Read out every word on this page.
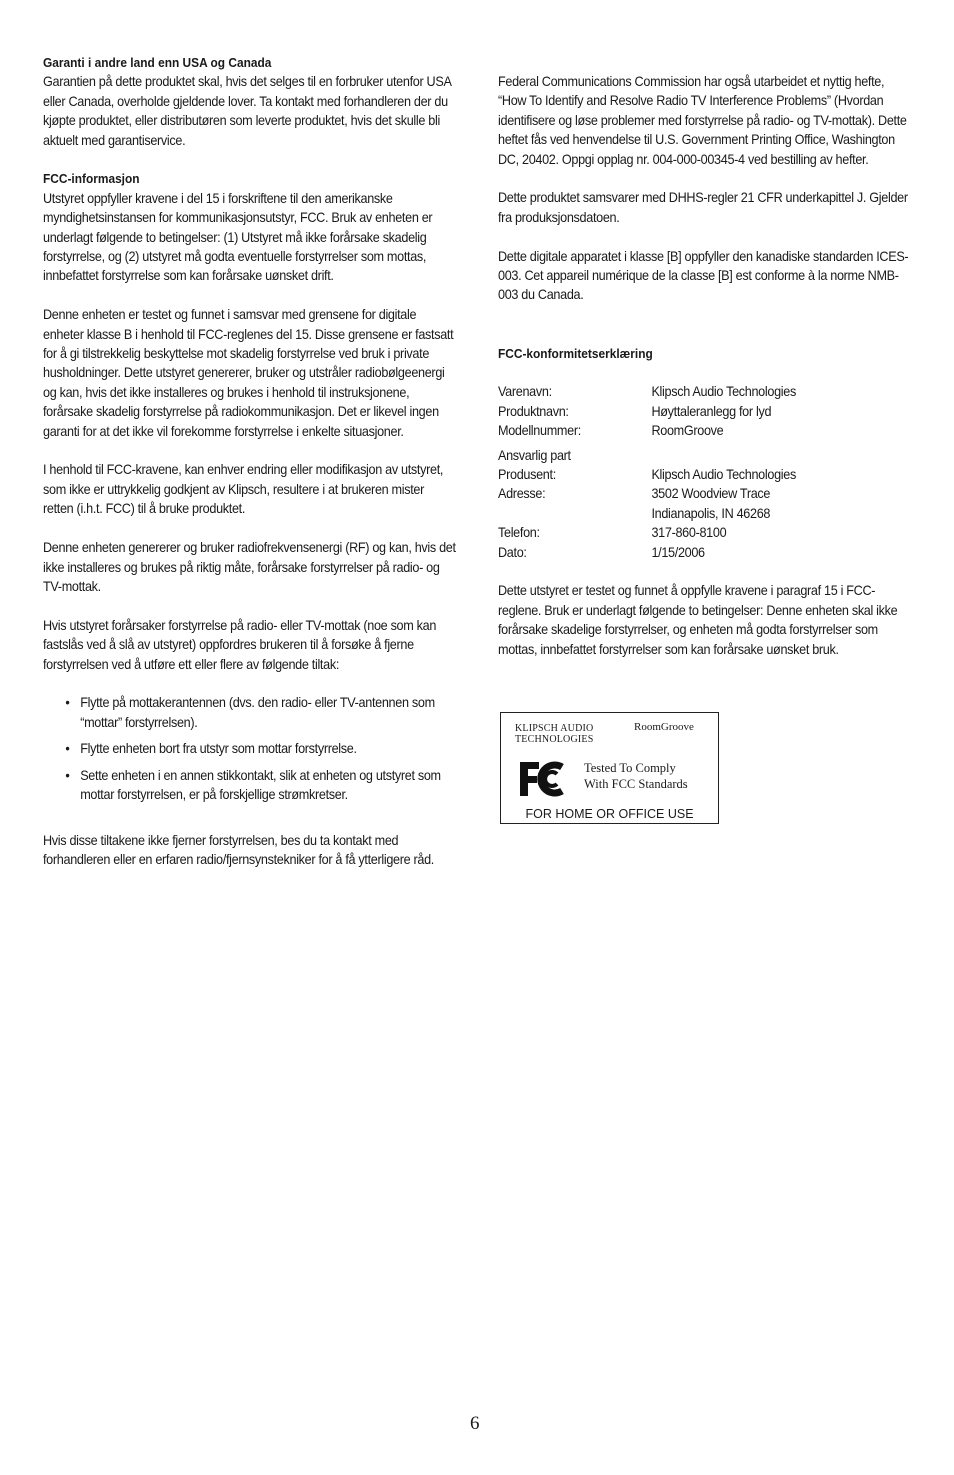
Garanti i andre land enn USA og Canada

Garantien på dette produktet skal, hvis det selges til en forbruker utenfor USA eller Canada, overholde gjeldende lover. Ta kontakt med forhandleren der du kjøpte produktet, eller distributøren som leverte produktet, hvis det skulle bli aktuelt med garantiservice.

FCC-informasjon

Utstyret oppfyller kravene i del 15 i forskriftene til den amerikanske myndighetsinstansen for kommunikasjonsutstyr, FCC. Bruk av enheten er underlagt følgende to betingelser: (1) Utstyret må ikke forårsake skadelig forstyrrelse, og (2) utstyret må godta eventuelle forstyrrelser som mottas, innbefattet forstyrrelse som kan forårsake uønsket drift.

Denne enheten er testet og funnet i samsvar med grensene for digitale enheter klasse B i henhold til FCC-reglenes del 15. Disse grensene er fastsatt for å gi tilstrekkelig beskyttelse mot skadelig forstyrrelse ved bruk i private husholdninger. Dette utstyret genererer, bruker og utstråler radiobølgeenergi og kan, hvis det ikke installeres og brukes i henhold til instruksjonene, forårsake skadelig forstyrrelse på radiokommunikasjon. Det er likevel ingen garanti for at det ikke vil forekomme forstyrrelse i enkelte situasjoner.

I henhold til FCC-kravene, kan enhver endring eller modifikasjon av utstyret, som ikke er uttrykkelig godkjent av Klipsch, resultere i at brukeren mister retten (i.h.t. FCC) til å bruke produktet.

Denne enheten genererer og bruker radiofrekvensenergi (RF) og kan, hvis det ikke installeres og brukes på riktig måte, forårsake forstyrrelser på radio- og TV-mottak.

Hvis utstyret forårsaker forstyrrelse på radio- eller TV-mottak (noe som kan fastslås ved å slå av utstyret) oppfordres brukeren til å forsøke å fjerne forstyrrelsen ved å utføre ett eller flere av følgende tiltak:

• Flytte på mottakerantennen (dvs. den radio- eller TV-antennen som “mottar” forstyrrelsen).
• Flytte enheten bort fra utstyr som mottar forstyrrelse.
• Sette enheten i en annen stikkontakt, slik at enheten og utstyret som mottar forstyrrelsen, er på forskjellige strømkretser.

Hvis disse tiltakene ikke fjerner forstyrrelsen, bes du ta kontakt med forhandleren eller en erfaren radio/fjernsynstekniker for å få ytterligere råd.

Federal Communications Commission har også utarbeidet et nyttig hefte, “How To Identify and Resolve Radio TV Interference Problems” (Hvordan identifisere og løse problemer med forstyrrelse på radio- og TV-mottak). Dette heftet fås ved henvendelse til U.S. Government Printing Office, Washington DC, 20402. Oppgi opplag nr. 004-000-00345-4 ved bestilling av hefter.

Dette produktet samsvarer med DHHS-regler 21 CFR underkapittel J. Gjelder fra produksjonsdatoen.

Dette digitale apparatet i klasse [B] oppfyller den kanadiske standarden ICES-003. Cet appareil numérique de la classe [B] est conforme à la norme NMB-003 du Canada.

FCC-konformitetserklæring
Varenavn:	Klipsch Audio Technologies
Produktnavn:	Høyttaleranlegg for lyd
Modellnummer:	RoomGroove

Ansvarlig part

Produsent:	Klipsch Audio Technologies
Adresse:	3502 Woodview Trace
Indianapolis, IN 46268
Telefon:	317-860-8100
Dato:	1/15/2006

Dette utstyret er testet og funnet å oppfylle kravene i paragraf 15 i FCC-reglene. Bruk er underlagt følgende to betingelser: Denne enheten skal ikke forårsake skadelige forstyrrelser, og enheten må godta forstyrrelser som mottas, innbefattet forstyrrelser som kan forårsake uønsket bruk.

KLIPSCH AUDIO
TECHNOLOGIES
RoomGroove
Tested To Comply
With FCC Standards
FOR HOME OR OFFICE USE
6
